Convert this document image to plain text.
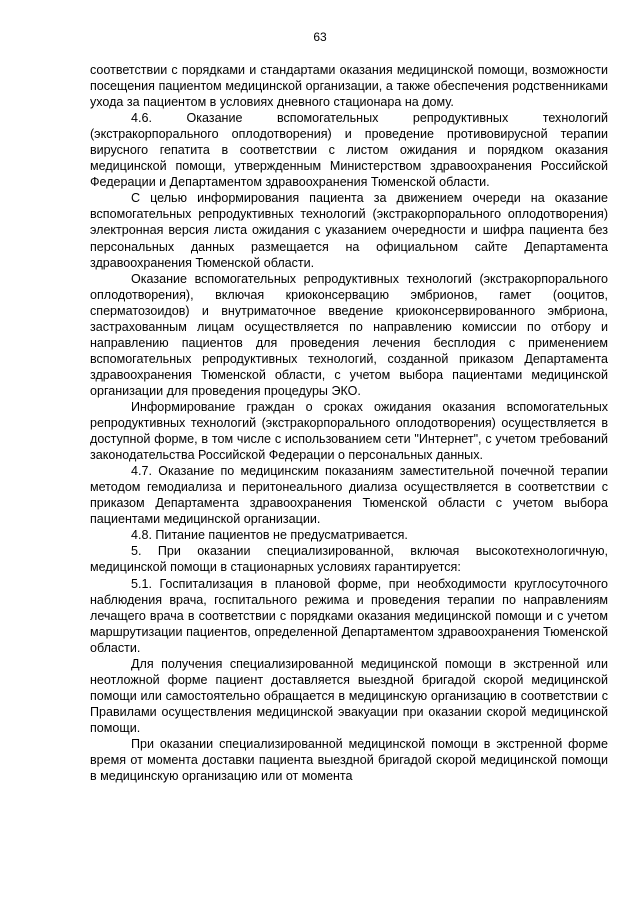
63

соответствии с порядками и стандартами оказания медицинской помощи, возможности посещения пациентом медицинской организации, а также обеспечения родственниками ухода за пациентом в условиях дневного стационара на дому.

4.6. Оказание вспомогательных репродуктивных технологий (экстракорпорального оплодотворения) и проведение противовирусной терапии вирусного гепатита в соответствии с листом ожидания и порядком оказания медицинской помощи, утвержденным Министерством здравоохранения Российской Федерации и Департаментом здравоохранения Тюменской области.

С целью информирования пациента за движением очереди на оказание вспомогательных репродуктивных технологий (экстракорпорального оплодотворения) электронная версия листа ожидания с указанием очередности и шифра пациента без персональных данных размещается на официальном сайте Департамента здравоохранения Тюменской области.

Оказание вспомогательных репродуктивных технологий (экстракорпорального оплодотворения), включая криоконсервацию эмбрионов, гамет (ооцитов, сперматозоидов) и внутриматочное введение криоконсервированного эмбриона, застрахованным лицам осуществляется по направлению комиссии по отбору и направлению пациентов для проведения лечения бесплодия с применением вспомогательных репродуктивных технологий, созданной приказом Департамента здравоохранения Тюменской области, с учетом выбора пациентами медицинской организации для проведения процедуры ЭКО.

Информирование граждан о сроках ожидания оказания вспомогательных репродуктивных технологий (экстракорпорального оплодотворения) осуществляется в доступной форме, в том числе с использованием сети "Интернет", с учетом требований законодательства Российской Федерации о персональных данных.

4.7. Оказание по медицинским показаниям заместительной почечной терапии методом гемодиализа и перитонеального диализа осуществляется в соответствии с приказом Департамента здравоохранения Тюменской области с учетом выбора пациентами медицинской организации.

4.8. Питание пациентов не предусматривается.

5. При оказании специализированной, включая высокотехнологичную, медицинской помощи в стационарных условиях гарантируется:

5.1. Госпитализация в плановой форме, при необходимости круглосуточного наблюдения врача, госпитального режима и проведения терапии по направлениям лечащего врача в соответствии с порядками оказания медицинской помощи и с учетом маршрутизации пациентов, определенной Департаментом здравоохранения Тюменской области.

Для получения специализированной медицинской помощи в экстренной или неотложной форме пациент доставляется выездной бригадой скорой медицинской помощи или самостоятельно обращается в медицинскую организацию в соответствии с Правилами осуществления медицинской эвакуации при оказании скорой медицинской помощи.

При оказании специализированной медицинской помощи в экстренной форме время от момента доставки пациента выездной бригадой скорой медицинской помощи в медицинскую организацию или от момента
